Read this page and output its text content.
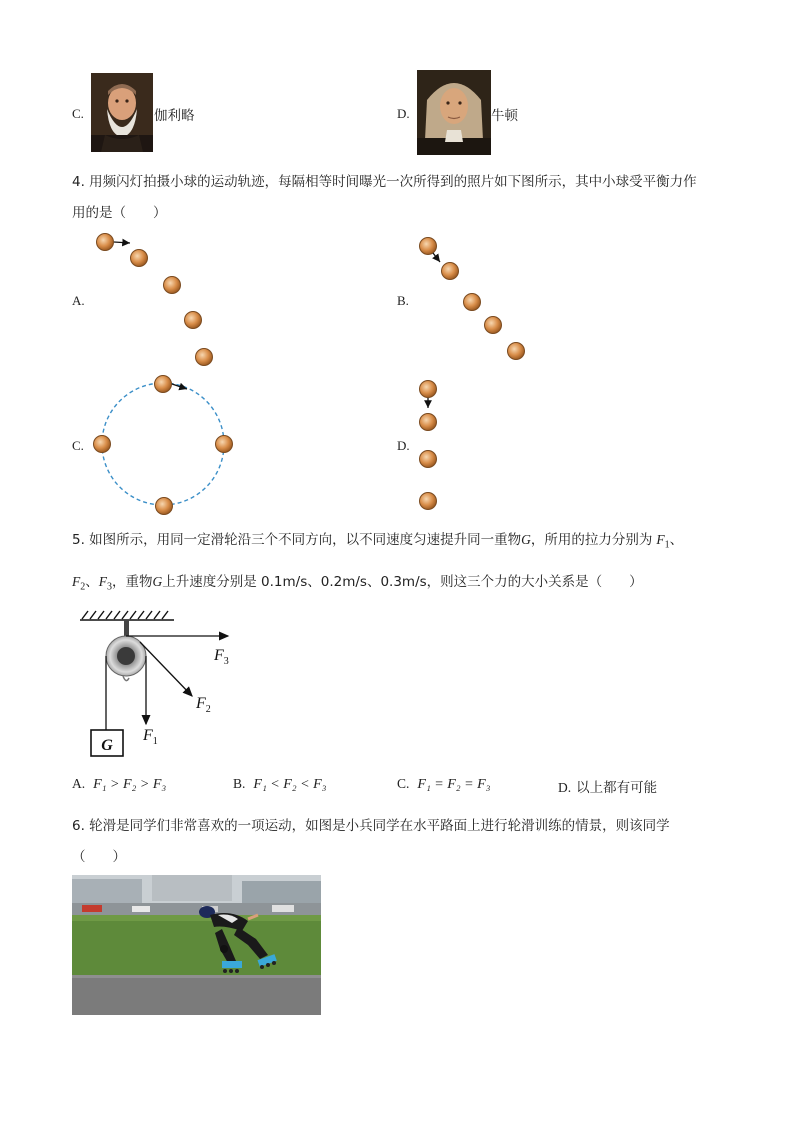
C.	伽利略	D.	牛顿
4. 用频闪灯拍摄小球的运动轨迹，每隔相等时间曝光一次所得到的照片如下图所示，其中小球受平衡力作
用的是（　　）
A.	B.
C.	D.
5. 如图所示，用同一定滑轮沿三个不同方向，以不同速度匀速提升同一重物G，所用的拉力分别为 $F_1$、
$F_2$、$F_3$，重物G上升速度分别是 0.1m/s、0.2m/s、0.3m/s，则这三个力的大小关系是（　　）
G
$F_1$
$F_2$
$F_3$
A. F₁ > F₂ > F₃	B. F₁ < F₂ < F₃	C. F₁ = F₂ = F₃	D. 以上都有可能
6. 轮滑是同学们非常喜欢的一项运动，如图是小兵同学在水平路面上进行轮滑训练的情景，则该同学
（　　）
